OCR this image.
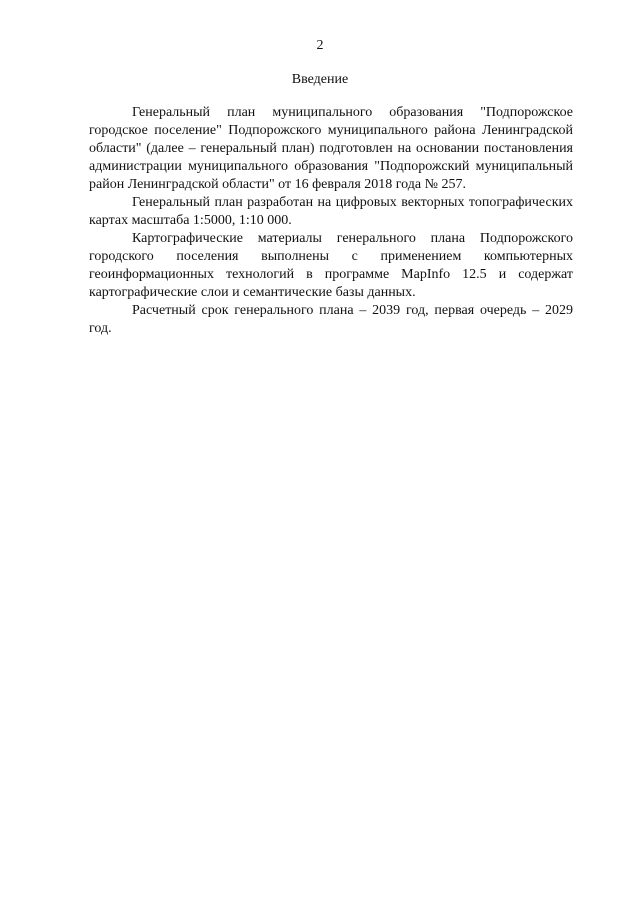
2
Введение

Генеральный план муниципального образования "Подпорожское городское поселение" Подпорожского муниципального района Ленинградской области" (далее – генеральный план) подготовлен на основании постановления администрации муниципального образования "Подпорожский муниципальный район Ленинградской области" от 16 февраля 2018 года № 257.

Генеральный план разработан на цифровых векторных топографических картах масштаба 1:5000, 1:10 000.

Картографические материалы генерального плана Подпорожского городского поселения выполнены с применением компьютерных геоинформационных технологий в программе MapInfo 12.5 и содержат картографические слои и семантические базы данных.

Расчетный срок генерального плана – 2039 год, первая очередь – 2029 год.
